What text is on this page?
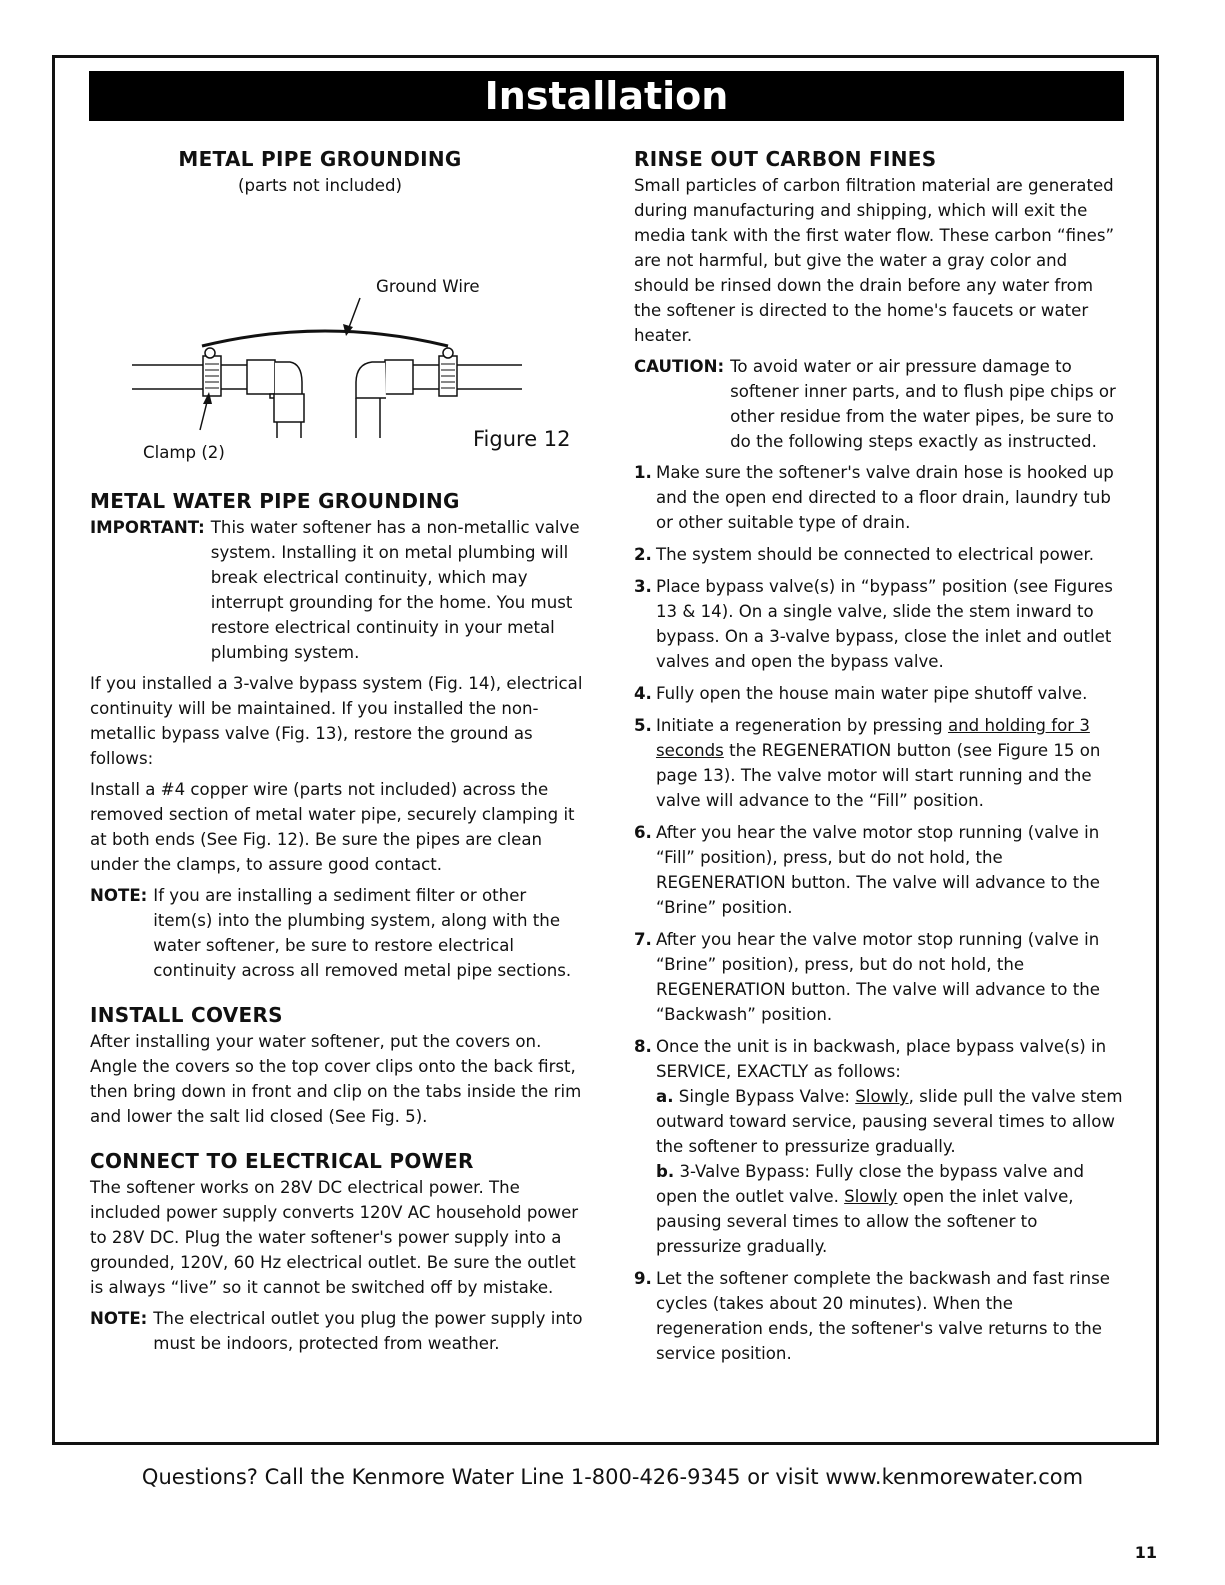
Installation
METAL PIPE GROUNDING

(parts not included)

Ground Wire
Clamp (2)
Figure 12
METAL WATER PIPE GROUNDING
IMPORTANT: This water softener has a non-metallic valve system. Installing it on metal plumbing will break electrical continuity, which may interrupt grounding for the home. You must restore electrical continuity in your metal plumbing system.

If you installed a 3-valve bypass system (Fig. 14), electrical continuity will be maintained. If you installed the non-metallic bypass valve (Fig. 13), restore the ground as follows:

Install a #4 copper wire (parts not included) across the removed section of metal water pipe, securely clamping it at both ends (See Fig. 12). Be sure the pipes are clean under the clamps, to assure good contact.

NOTE: If you are installing a sediment filter or other item(s) into the plumbing system, along with the water softener, be sure to restore electrical continuity across all removed metal pipe sections.
INSTALL COVERS

After installing your water softener, put the covers on. Angle the covers so the top cover clips onto the back first, then bring down in front and clip on the tabs inside the rim and lower the salt lid closed (See Fig. 5).

CONNECT TO ELECTRICAL POWER

The softener works on 28V DC electrical power. The included power supply converts 120V AC household power to 28V DC. Plug the water softener's power supply into a grounded, 120V, 60 Hz electrical outlet. Be sure the outlet is always “live” so it cannot be switched off by mistake.

NOTE: The electrical outlet you plug the power supply into must be indoors, protected from weather.
RINSE OUT CARBON FINES

Small particles of carbon filtration material are generated during manufacturing and shipping, which will exit the media tank with the first water flow. These carbon “fines” are not harmful, but give the water a gray color and should be rinsed down the drain before any water from the softener is directed to the home's faucets or water heater.

CAUTION: To avoid water or air pressure damage to softener inner parts, and to flush pipe chips or other residue from the water pipes, be sure to do the following steps exactly as instructed.
1. Make sure the softener's valve drain hose is hooked up and the open end directed to a floor drain, laundry tub or other suitable type of drain.
2. The system should be connected to electrical power.
3. Place bypass valve(s) in “bypass” position (see Figures 13 & 14). On a single valve, slide the stem inward to bypass. On a 3-valve bypass, close the inlet and outlet valves and open the bypass valve.
4. Fully open the house main water pipe shutoff valve.
5. Initiate a regeneration by pressing and holding for 3 seconds the REGENERATION button (see Figure 15 on page 13). The valve motor will start running and the valve will advance to the “Fill” position.
6. After you hear the valve motor stop running (valve in “Fill” position), press, but do not hold, the REGENERATION button. The valve will advance to the “Brine” position.
7. After you hear the valve motor stop running (valve in “Brine” position), press, but do not hold, the REGENERATION button. The valve will advance to the “Backwash” position.
8. Once the unit is in backwash, place bypass valve(s) in SERVICE, EXACTLY as follows:
a. Single Bypass Valve: Slowly, slide pull the valve stem outward toward service, pausing several times to allow the softener to pressurize gradually.
b. 3-Valve Bypass: Fully close the bypass valve and open the outlet valve. Slowly open the inlet valve, pausing several times to allow the softener to pressurize gradually.
9. Let the softener complete the backwash and fast rinse cycles (takes about 20 minutes). When the regeneration ends, the softener's valve returns to the service position.
Questions? Call the Kenmore Water Line 1-800-426-9345 or visit www.kenmorewater.com
11
